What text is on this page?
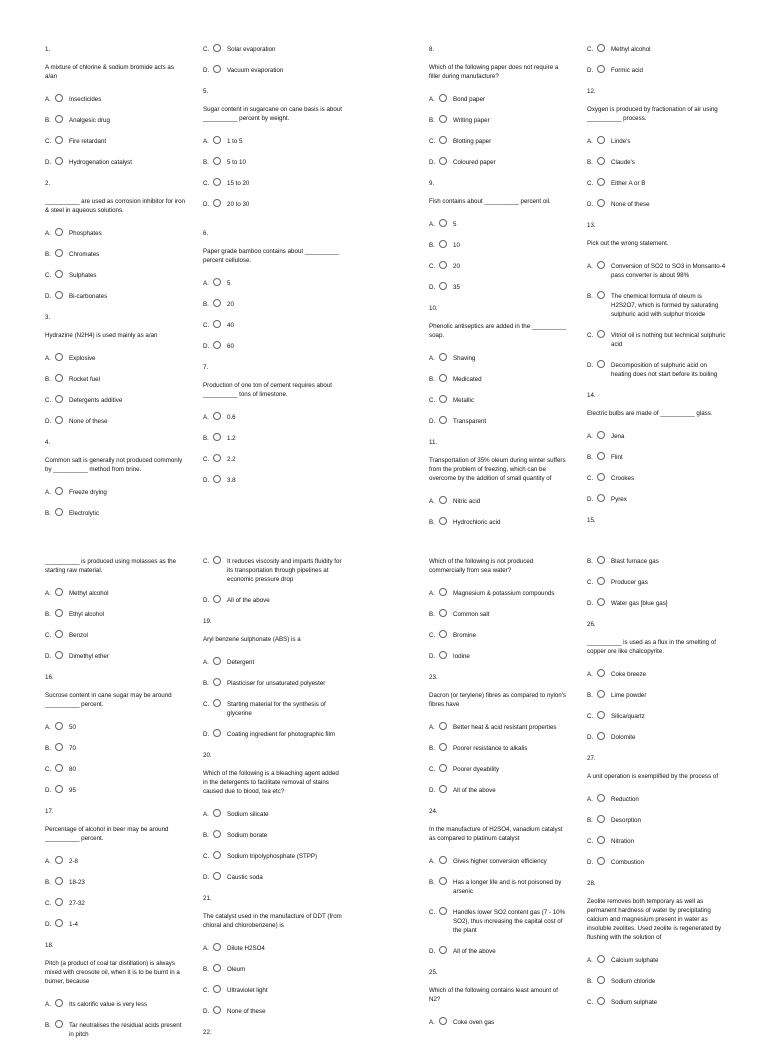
1.
A mixture of chlorine & sodium bromide acts as a/an
A.	Insecticides
B.	Analgesic drug
C.	Fire retardant
D.	Hydrogenation catalyst
2.
__________ are used as corrosion inhibitor for iron & steel in aqueous solutions.
A.	Phosphates
B.	Chromates
C.	Sulphates
D.	Bi-carbonates
3.
Hydrazine (N2H4) is used mainly as a/an
A.	Explosive
B.	Rocket fuel
C.	Detergents additive
D.	None of these
4.
Common salt is generally not produced commonly by __________ method from brine.
A.	Freeze drying
B.	Electrolytic
C.	Solar evaporation
D.	Vacuum evaporation
5.
Sugar content in sugarcane on cane basis is about __________ percent by weight.
A.	1 to 5
B.	5 to 10
C.	15 to 20
D.	20 to 30
6.
Paper grade bamboo contains about __________ percent cellulose.
A.	5
B.	20
C.	40
D.	60
7.
Production of one ton of cement requires about __________ tons of limestone.
A.	0.6
B.	1.2
C.	2.2
D.	3.8
8.
Which of the following paper does not require a filler during manufacture?
A.	Bond paper
B.	Writing paper
C.	Blotting paper
D.	Coloured paper
9.
Fish contains about __________ percent oil.
A.	5
B.	10
C.	20
D.	35
10.
Phenolic antiseptics are added in the __________ soap.
A.	Shaving
B.	Medicated
C.	Metallic
D.	Transparent
11.
Transportation of 35% oleum during winter suffers from the problem of freezing, which can be overcome by the addition of small quantity of
A.	Nitric acid
B.	Hydrochloric acid
C.	Methyl alcohol
D.	Formic acid
12.
Oxygen is produced by fractionation of air using __________ process.
A.	Linde's
B.	Claude's
C.	Either A or B
D.	None of these
13.
Pick out the wrong statement.
A.	Conversion of SO2 to SO3 in Monsanto-4 pass converter is about 98%
B.	The chemical formula of oleum is H2S2O7, which is formed by saturating sulphuric acid with sulphur trioxide
C.	Vitriol oil is nothing but technical sulphuric acid
D.	Decomposition of sulphuric acid on heating does not start before its boiling
14.
Electric bulbs are made of __________ glass.
A.	Jena
B.	Flint
C.	Crookes
D.	Pyrex
15.
__________ is produced using molasses as the starting raw material.
A.	Methyl alcohol
B.	Ethyl alcohol
C.	Benzol
D.	Dimethyl ether
16.
Sucrose content in cane sugar may be around __________ percent.
A.	50
B.	70
C.	80
D.	95
17.
Percentage of alcohol in beer may be around __________ percent.
A.	2-8
B.	18-23
C.	27-32
D.	1-4
18.
Pitch (a product of coal tar distillation) is always mixed with creosote oil, when it is to be burnt in a burner, because
A.	Its calorific value is very less
B.	Tar neutralises the residual acids present in pitch
C.	It reduces viscosity and imparts fluidity for its transportation through pipelines at economic pressure drop
D.	All of the above
19.
Aryl benzene sulphonate (ABS) is a
A.	Detergent
B.	Plasticiser for unsaturated polyester
C.	Starting material for the synthesis of glycerine
D.	Coating ingredient for photographic film
20.
Which of the following is a bleaching agent added in the detergents to facilitate removal of stains caused due to blood, tea etc?
A.	Sodium silicate
B.	Sodium borate
C.	Sodium tripolyphosphate (STPP)
D.	Caustic soda
21.
The catalyst used in the manufacture of DDT (from chloral and chlorobenzene) is
A.	Dilute H2SO4
B.	Oleum
C.	Ultraviolet light
D.	None of these
22.
Which of the following is not produced commercially from sea water?
A.	Magnesium & potassium compounds
B.	Common salt
C.	Bromine
D.	Iodine
23.
Dacron (or terylene) fibres as compared to nylon's fibres have
A.	Better heat & acid resistant properties
B.	Poorer resistance to alkalis
C.	Poorer dyeability
D.	All of the above
24.
In the manufacture of H2SO4, vanadium catalyst as compared to platinum catalyst
A.	Gives higher conversion efficiency
B.	Has a longer life and is not poisoned by arsenic
C.	Handles lower SO2 content gas (7 - 10% SO2), thus increasing the capital cost of the plant
D.	All of the above
25.
Which of the following contains least amount of N2?
A.	Coke oven gas
B.	Blast furnace gas
C.	Producer gas
D.	Water gas [blue gas]
26.
__________ is used as a flux in the smelting of copper ore like chalcopyrite.
A.	Coke breeze
B.	Lime powder
C.	Silica/quartz
D.	Dolomite
27.
A unit operation is exemplified by the process of
A.	Reduction
B.	Desorption
C.	Nitration
D.	Combustion
28.
Zeolite removes both temporary as well as permanent hardness of water by precipitating calcium and magnesium present in water as insoluble zeolites. Used zeolite is regenerated by flushing with the solution of
A.	Calcium sulphate
B.	Sodium chloride
C.	Sodium sulphate
